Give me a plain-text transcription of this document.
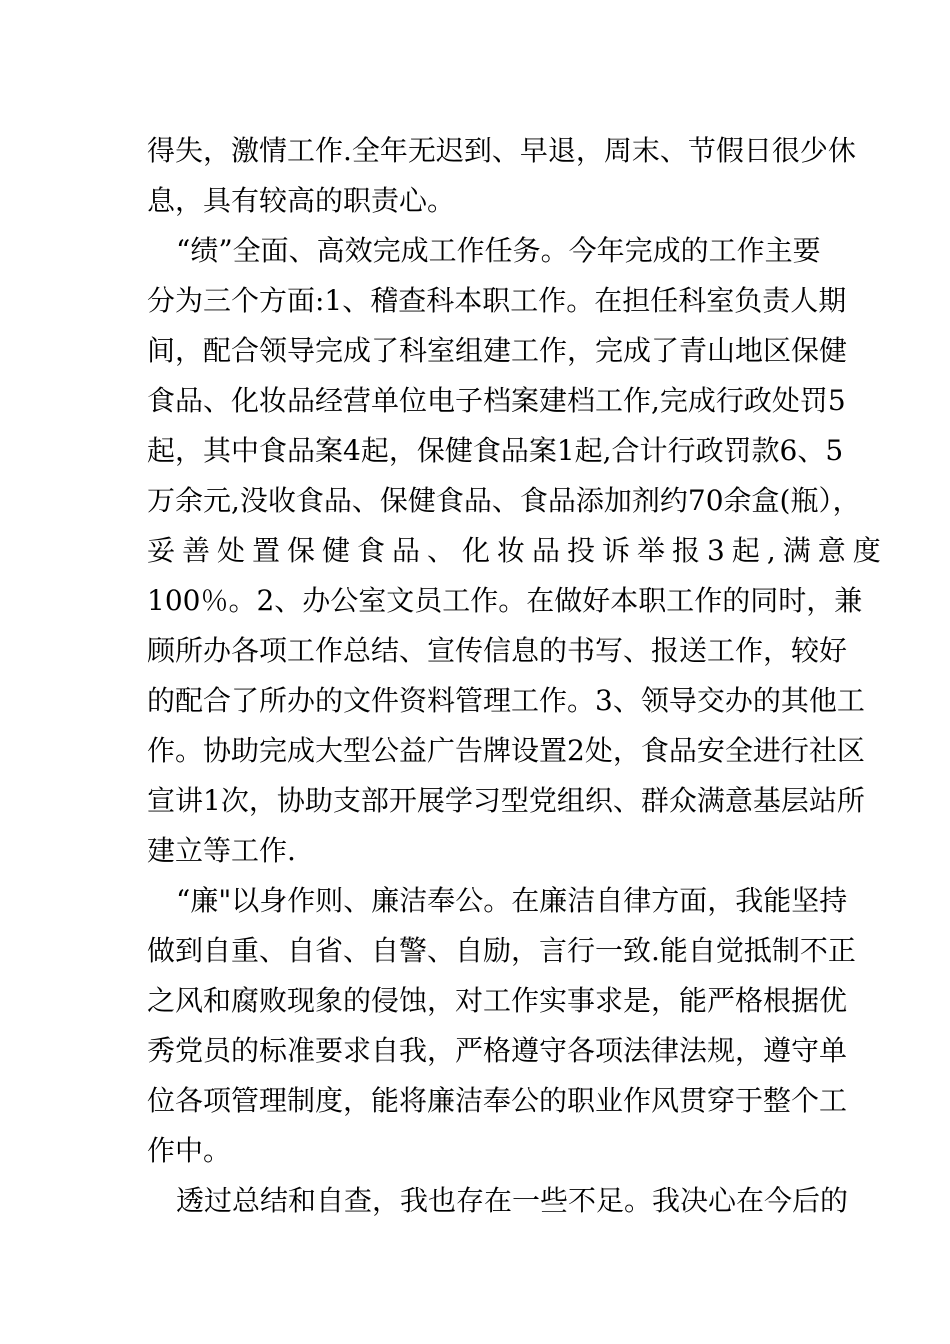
得失，激情工作.全年无迟到、早退，周末、节假日很少休
息，具有较高的职责心。
“绩”全面、高效完成工作任务。今年完成的工作主要
分为三个方面:1、稽查科本职工作。在担任科室负责人期
间，配合领导完成了科室组建工作，完成了青山地区保健
食品、化妆品经营单位电子档案建档工作,完成行政处罚5
起，其中食品案4起，保健食品案1起,合计行政罚款6、5
万余元,没收食品、保健食品、食品添加剂约70余盒(瓶），
妥善处置保健食品、化妆品投诉举报3起,满意度
100％。2、办公室文员工作。在做好本职工作的同时，兼
顾所办各项工作总结、宣传信息的书写、报送工作，较好
的配合了所办的文件资料管理工作。3、领导交办的其他工
作。协助完成大型公益广告牌设置2处，食品安全进行社区
宣讲1次，协助支部开展学习型党组织、群众满意基层站所
建立等工作.
“廉"以身作则、廉洁奉公。在廉洁自律方面，我能坚持
做到自重、自省、自警、自励，言行一致.能自觉抵制不正
之风和腐败现象的侵蚀，对工作实事求是，能严格根据优
秀党员的标准要求自我，严格遵守各项法律法规，遵守单
位各项管理制度，能将廉洁奉公的职业作风贯穿于整个工
作中。
透过总结和自查，我也存在一些不足。我决心在今后的
